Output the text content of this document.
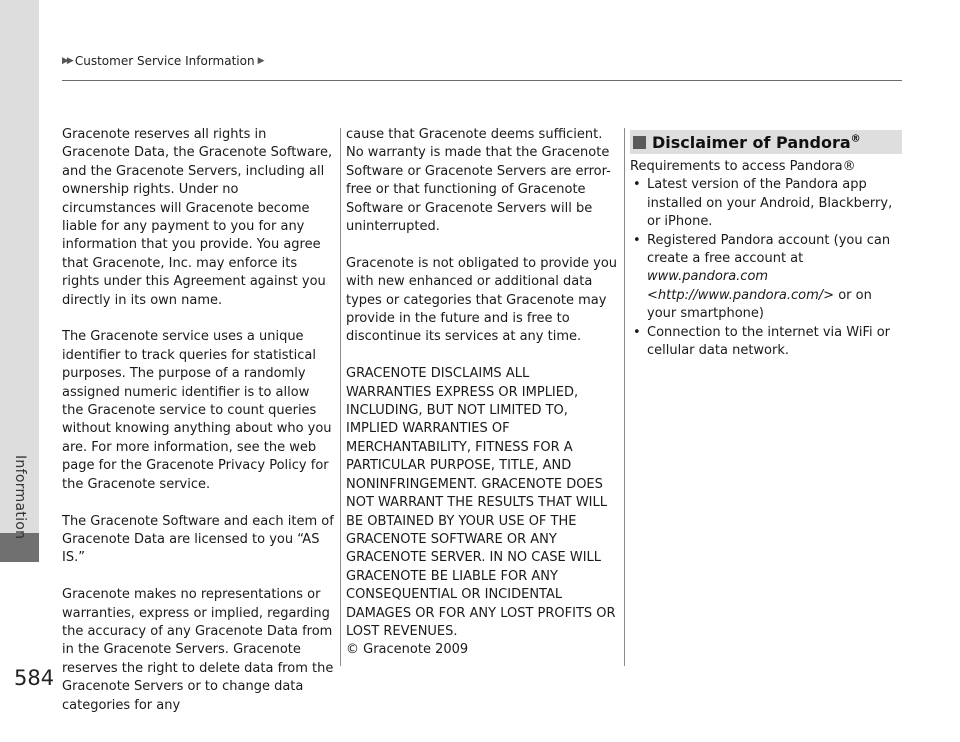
▶▶ Customer Service Information ▶
Information
584

Gracenote reserves all rights in Gracenote Data, the Gracenote Software, and the Gracenote Servers, including all ownership rights. Under no circumstances will Gracenote become liable for any payment to you for any information that you provide. You agree that Gracenote, Inc. may enforce its rights under this Agreement against you directly in its own name.

The Gracenote service uses a unique identifier to track queries for statistical purposes. The purpose of a randomly assigned numeric identifier is to allow the Gracenote service to count queries without knowing anything about who you are. For more information, see the web page for the Gracenote Privacy Policy for the Gracenote service.

The Gracenote Software and each item of Gracenote Data are licensed to you “AS IS.”

Gracenote makes no representations or warranties, express or implied, regarding the accuracy of any Gracenote Data from in the Gracenote Servers. Gracenote reserves the right to delete data from the Gracenote Servers or to change data categories for any

cause that Gracenote deems sufficient. No warranty is made that the Gracenote Software or Gracenote Servers are error-free or that functioning of Gracenote Software or Gracenote Servers will be uninterrupted.

Gracenote is not obligated to provide you with new enhanced or additional data types or categories that Gracenote may provide in the future and is free to discontinue its services at any time.

GRACENOTE DISCLAIMS ALL WARRANTIES EXPRESS OR IMPLIED, INCLUDING, BUT NOT LIMITED TO, IMPLIED WARRANTIES OF MERCHANTABILITY, FITNESS FOR A PARTICULAR PURPOSE, TITLE, AND NONINFRINGEMENT. GRACENOTE DOES NOT WARRANT THE RESULTS THAT WILL BE OBTAINED BY YOUR USE OF THE GRACENOTE SOFTWARE OR ANY GRACENOTE SERVER. IN NO CASE WILL GRACENOTE BE LIABLE FOR ANY CONSEQUENTIAL OR INCIDENTAL DAMAGES OR FOR ANY LOST PROFITS OR LOST REVENUES.

© Gracenote 2009

Disclaimer of Pandora®

Requirements to access Pandora®

• Latest version of the Pandora app installed on your Android, Blackberry, or iPhone.
• Registered Pandora account (you can create a free account at
www.pandora.com <http://www.pandora.com/> or on your smartphone)
• Connection to the internet via WiFi or cellular data network.
